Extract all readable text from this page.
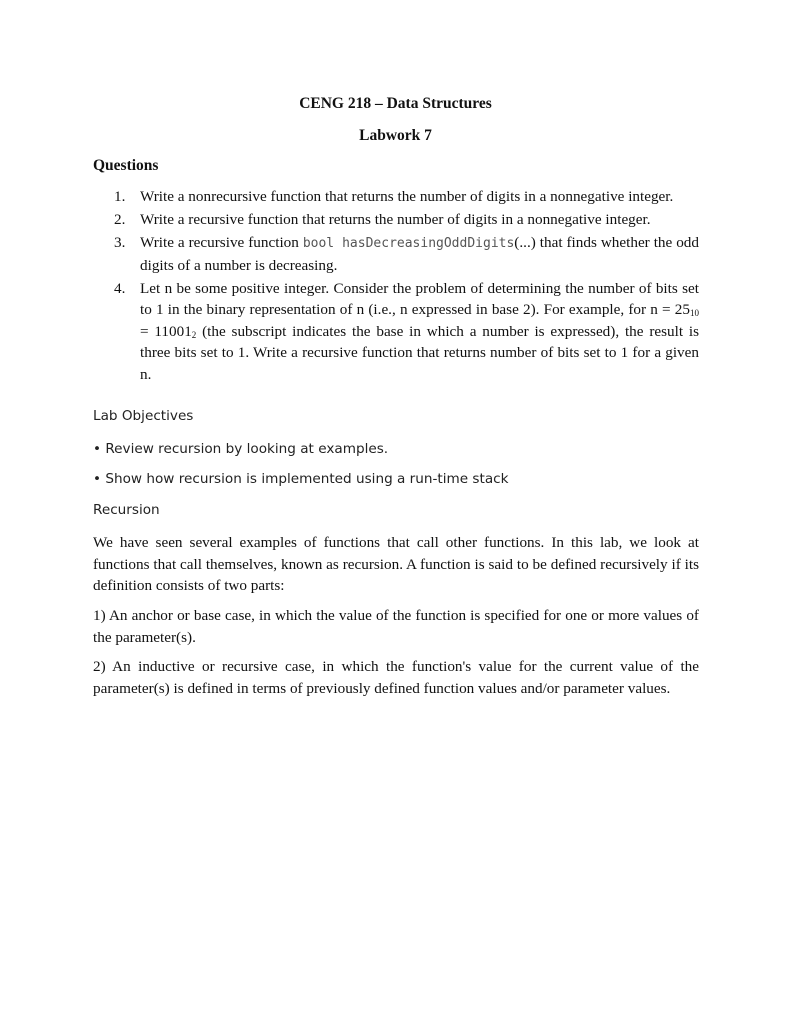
CENG 218 – Data Structures
Labwork 7
Questions
1. Write a nonrecursive function that returns the number of digits in a nonnegative integer.
2. Write a recursive function that returns the number of digits in a nonnegative integer.
3. Write a recursive function bool hasDecreasingOddDigits(...) that finds whether the odd digits of a number is decreasing.
4. Let n be some positive integer. Consider the problem of determining the number of bits set to 1 in the binary representation of n (i.e., n expressed in base 2). For example, for $n = 25_{10} = 11001_2$ (the subscript indicates the base in which a number is expressed), the result is three bits set to 1. Write a recursive function that returns number of bits set to 1 for a given n.
Lab Objectives
• Review recursion by looking at examples.
• Show how recursion is implemented using a run-time stack
Recursion
We have seen several examples of functions that call other functions. In this lab, we look at functions that call themselves, known as recursion. A function is said to be defined recursively if its definition consists of two parts:
1) An anchor or base case, in which the value of the function is specified for one or more values of the parameter(s).
2) An inductive or recursive case, in which the function's value for the current value of the parameter(s) is defined in terms of previously defined function values and/or parameter values.
